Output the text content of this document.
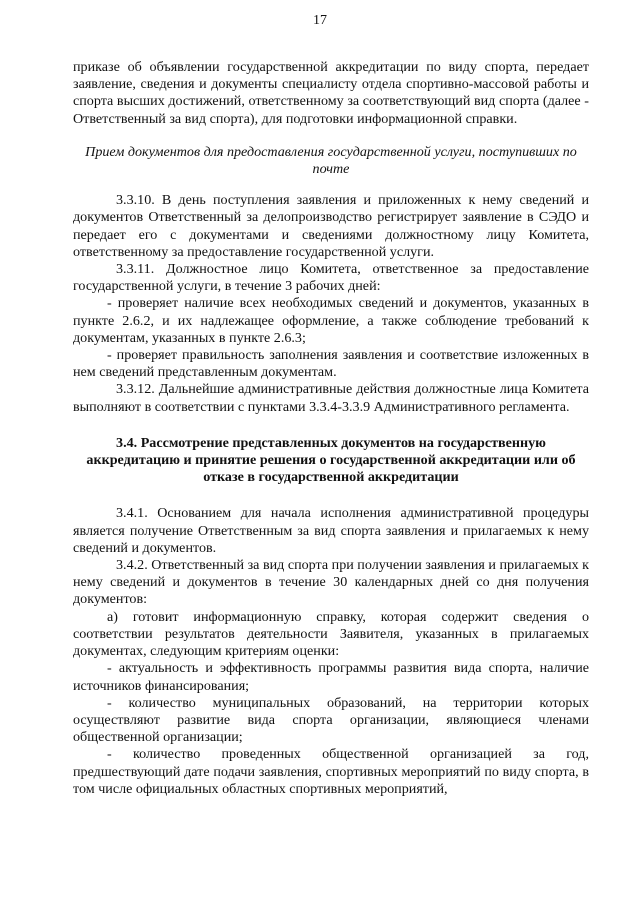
17

приказе об объявлении государственной аккредитации по виду спорта, передает заявление, сведения и документы специалисту отдела спортивно-массовой работы и спорта высших достижений, ответственному за соответствующий вид спорта (далее - Ответственный за вид спорта), для подготовки информационной справки.

Прием документов для предоставления государственной услуги, поступивших по почте

3.3.10. В день поступления заявления и приложенных к нему сведений и документов Ответственный за делопроизводство регистрирует заявление в СЭДО и передает его с документами и сведениями должностному лицу Комитета, ответственному за предоставление государственной услуги.

3.3.11. Должностное лицо Комитета, ответственное за предоставление государственной услуги, в течение 3 рабочих дней:

- проверяет наличие всех необходимых сведений и документов, указанных в пункте 2.6.2, и их надлежащее оформление, а также соблюдение требований к документам, указанных в пункте 2.6.3;

- проверяет правильность заполнения заявления и соответствие изложенных в нем сведений представленным документам.

3.3.12. Дальнейшие административные действия должностные лица Комитета выполняют в соответствии с пунктами 3.3.4-3.3.9 Административного регламента.

3.4. Рассмотрение представленных документов на государственную аккредитацию и принятие решения о государственной аккредитации или об отказе в государственной аккредитации

3.4.1. Основанием для начала исполнения административной процедуры является получение Ответственным за вид спорта заявления и прилагаемых к нему сведений и документов.

3.4.2. Ответственный за вид спорта при получении заявления и прилагаемых к нему сведений и документов в течение 30 календарных дней со дня получения документов:

а) готовит информационную справку, которая содержит сведения о соответствии результатов деятельности Заявителя, указанных в прилагаемых документах, следующим критериям оценки:

- актуальность и эффективность программы развития вида спорта, наличие источников финансирования;

- количество муниципальных образований, на территории которых осуществляют развитие вида спорта организации, являющиеся членами общественной организации;

- количество проведенных общественной организацией за год, предшествующий дате подачи заявления, спортивных мероприятий по виду спорта, в том числе официальных областных спортивных мероприятий,
